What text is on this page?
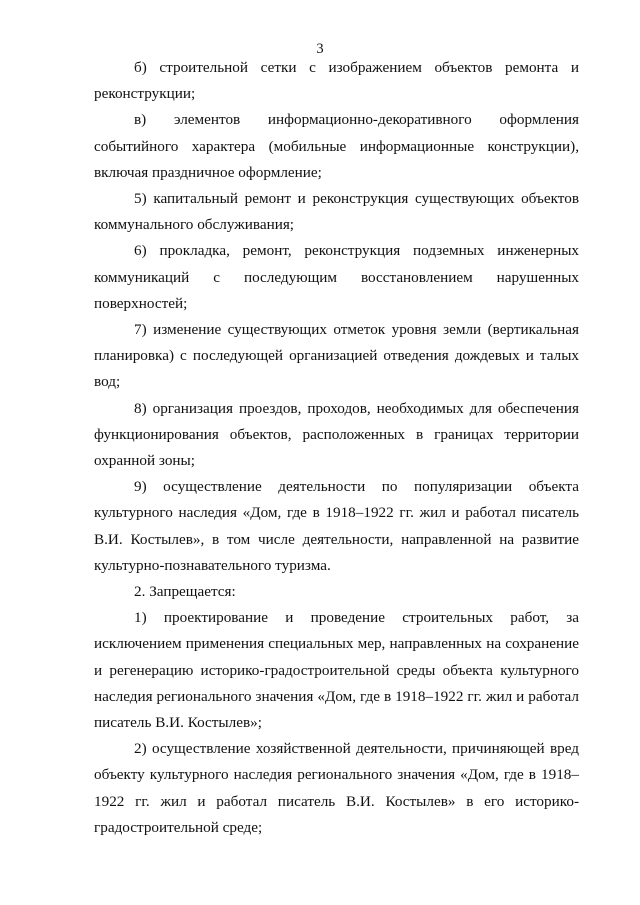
3

б) строительной сетки с изображением объектов ремонта и реконструкции;

в) элементов информационно-декоративного оформления событийного характера (мобильные информационные конструкции), включая праздничное оформление;

5) капитальный ремонт и реконструкция существующих объектов коммунального обслуживания;

6) прокладка, ремонт, реконструкция подземных инженерных коммуникаций с последующим восстановлением нарушенных поверхностей;

7) изменение существующих отметок уровня земли (вертикальная планировка) с последующей организацией отведения дождевых и талых вод;

8) организация проездов, проходов, необходимых для обеспечения функционирования объектов, расположенных в границах территории охранной зоны;

9) осуществление деятельности по популяризации объекта культурного наследия «Дом, где в 1918–1922 гг. жил и работал писатель В.И. Костылев», в том числе деятельности, направленной на развитие культурно-познавательного туризма.

2. Запрещается:

1) проектирование и проведение строительных работ, за исключением применения специальных мер, направленных на сохранение и регенерацию историко-градостроительной среды объекта культурного наследия регионального значения «Дом, где в 1918–1922 гг. жил и работал писатель В.И. Костылев»;

2) осуществление хозяйственной деятельности, причиняющей вред объекту культурного наследия регионального значения «Дом, где в 1918–1922 гг. жил и работал писатель В.И. Костылев» в его историко-градостроительной среде;
